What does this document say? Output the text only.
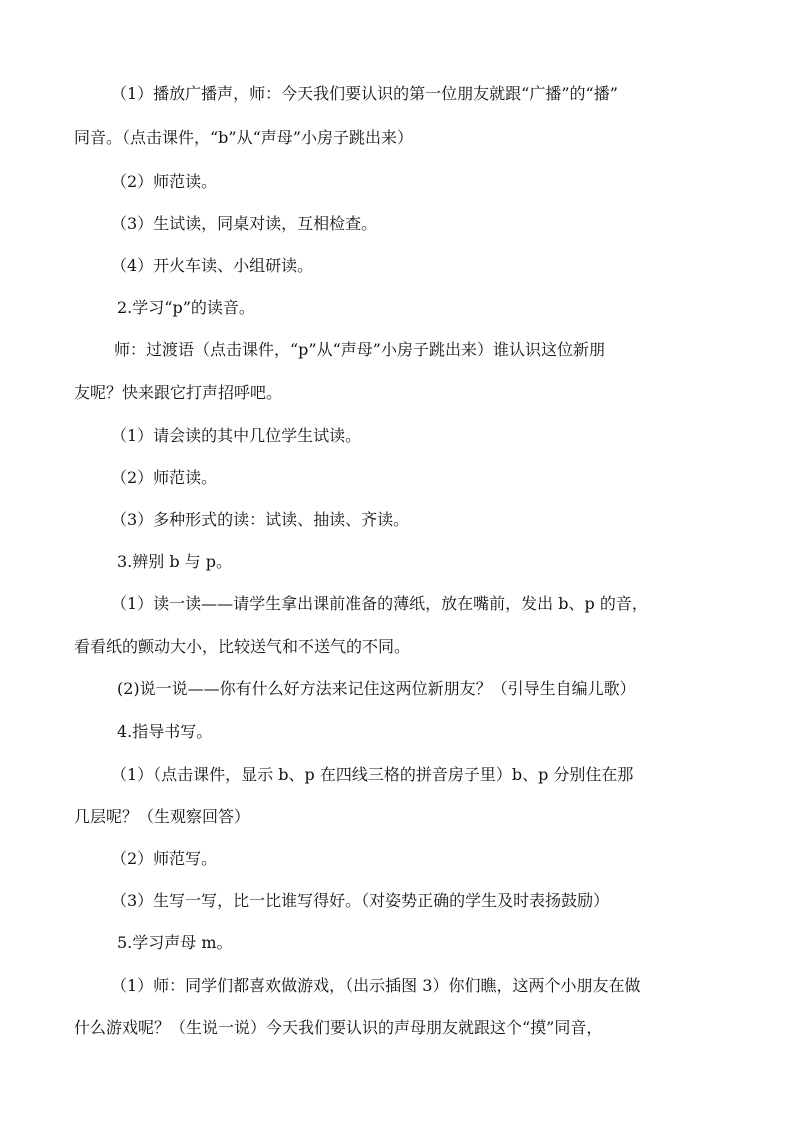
（1）播放广播声，师：今天我们要认识的第一位朋友就跟“广播”的“播”
同音。（点击课件，“b”从“声母”小房子跳出来）
（2）师范读。
（3）生试读，同桌对读，互相检查。
（4）开火车读、小组研读。
2.学习“p”的读音。
师：过渡语（点击课件，“p”从“声母”小房子跳出来）谁认识这位新朋
友呢？快来跟它打声招呼吧。
（1）请会读的其中几位学生试读。
（2）师范读。
（3）多种形式的读：试读、抽读、齐读。
3.辨别 b 与 p。
（1）读一读——请学生拿出课前准备的薄纸，放在嘴前，发出 b、p 的音，
看看纸的颤动大小，比较送气和不送气的不同。
(2)说一说——你有什么好方法来记住这两位新朋友？（引导生自编儿歌）
4.指导书写。
（1）（点击课件，显示 b、p 在四线三格的拼音房子里）b、p 分别住在那
几层呢？（生观察回答）
（2）师范写。
（3）生写一写，比一比谁写得好。（对姿势正确的学生及时表扬鼓励）
5.学习声母 m。
（1）师：同学们都喜欢做游戏，（出示插图 3）你们瞧，这两个小朋友在做
什么游戏呢？（生说一说）今天我们要认识的声母朋友就跟这个“摸”同音，
